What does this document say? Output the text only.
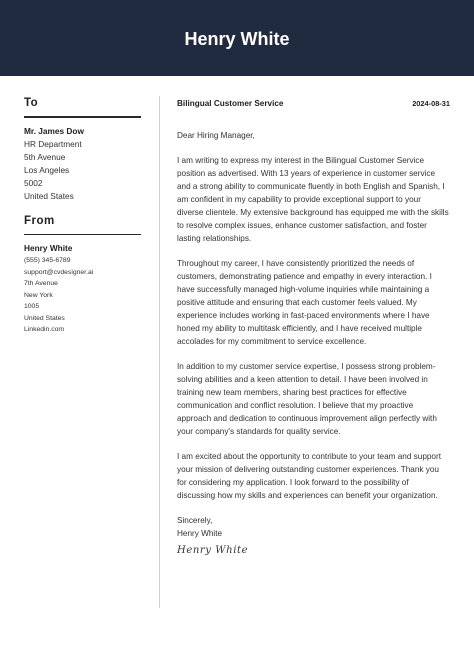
Henry White
To
Mr. James Dow
HR Department
5th Avenue
Los Angeles
5002
United States
From
Henry White
(555) 345-6789
support@cvdesigner.ai
7th Avenue
New York
1005
United States
Linkedin.com
Bilingual Customer Service	2024-08-31
Dear Hiring Manager,
I am writing to express my interest in the Bilingual Customer Service
position as advertised. With 13 years of experience in customer service
and a strong ability to communicate fluently in both English and Spanish, I
am confident in my capability to provide exceptional support to your
diverse clientele. My extensive background has equipped me with the skills
to resolve complex issues, enhance customer satisfaction, and foster
lasting relationships.
Throughout my career, I have consistently prioritized the needs of
customers, demonstrating patience and empathy in every interaction. I
have successfully managed high-volume inquiries while maintaining a
positive attitude and ensuring that each customer feels valued. My
experience includes working in fast-paced environments where I have
honed my ability to multitask efficiently, and I have received multiple
accolades for my commitment to service excellence.
In addition to my customer service expertise, I possess strong problem-
solving abilities and a keen attention to detail. I have been involved in
training new team members, sharing best practices for effective
communication and conflict resolution. I believe that my proactive
approach and dedication to continuous improvement align perfectly with
your company's standards for quality service.
I am excited about the opportunity to contribute to your team and support
your mission of delivering outstanding customer experiences. Thank you
for considering my application. I look forward to the possibility of
discussing how my skills and experiences can benefit your organization.
Sincerely,
Henry White
Henry White
